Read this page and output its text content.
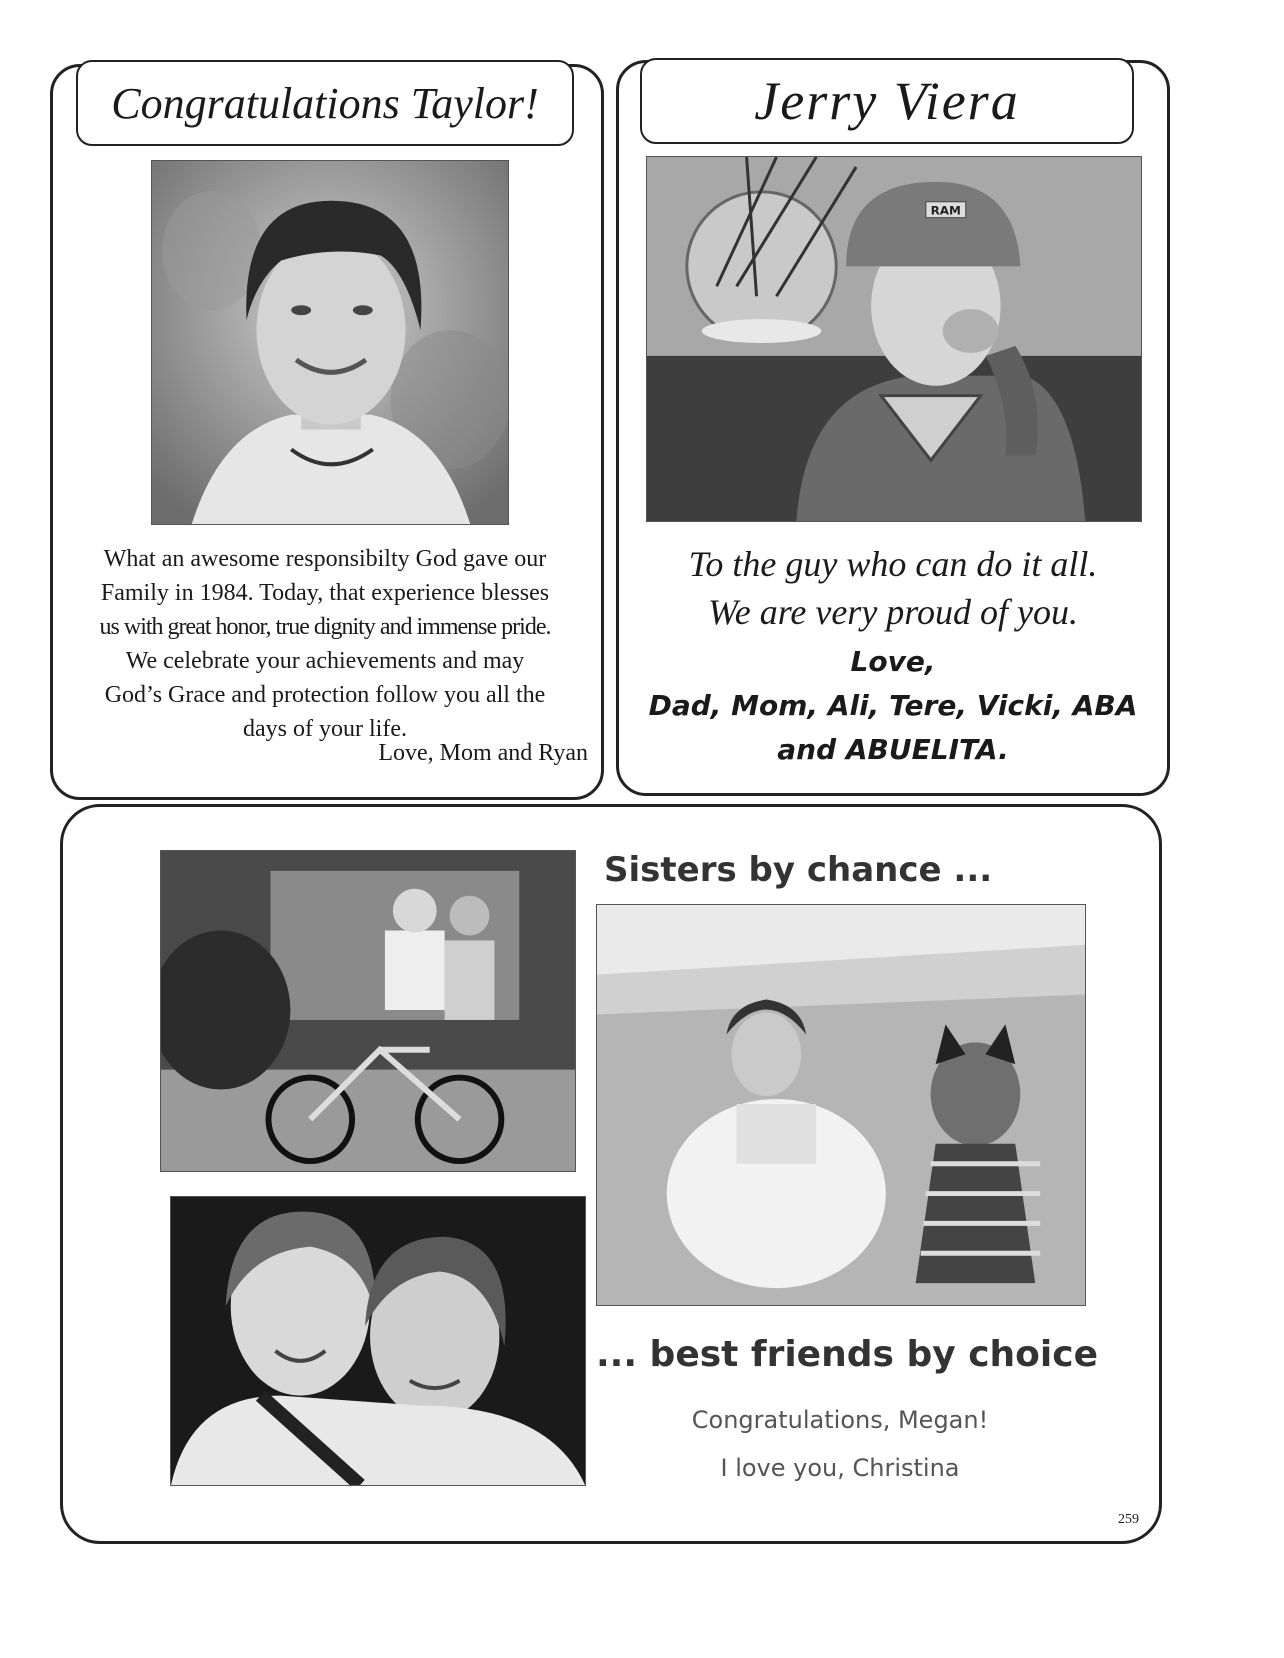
Congratulations Taylor!
What an awesome responsibilty God gave our
Family in 1984. Today, that experience blesses
us with great honor, true dignity and immense pride.
We celebrate your achievements and may
God’s Grace and protection follow you all the
days of your life.
Love, Mom and Ryan
Jerry Viera
RAM
To the guy who can do it all.
We are very proud of you.
Love,
Dad, Mom, Ali, Tere, Vicki, ABA
and ABUELITA.
Sisters by chance ...
... best friends by choice
Congratulations, Megan!
I love you, Christina
259
